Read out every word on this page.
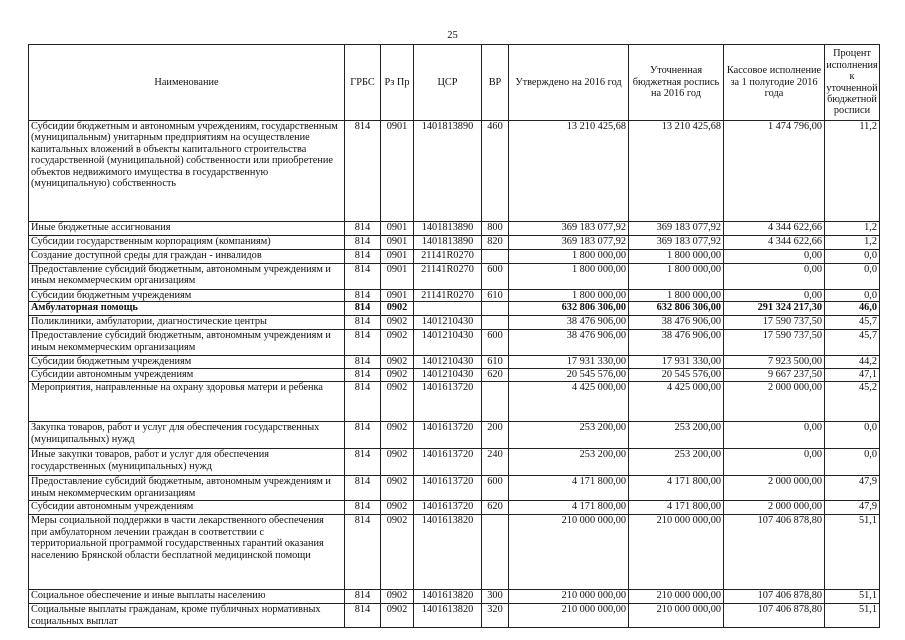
25
Наименование	ГРБС	Рз Пр	ЦСР	ВР	Утверждено на 2016 год	Уточненная бюджетная роспись на 2016 год	Кассовое исполнение за 1 полугодие 2016 года	Процент исполнения к уточненной бюджетной росписи
Субсидии бюджетным и автономным учреждениям, государственным (муниципальным) унитарным предприятиям на осуществление капитальных вложений в объекты капитального строительства государственной (муниципальной) собственности или приобретение объектов недвижимого имущества в государственную (муниципальную) собственность	814	0901	1401813890	460	13 210 425,68	13 210 425,68	1 474 796,00	11,2
Иные бюджетные ассигнования	814	0901	1401813890	800	369 183 077,92	369 183 077,92	4 344 622,66	1,2
Субсидии государственным корпорациям (компаниям)	814	0901	1401813890	820	369 183 077,92	369 183 077,92	4 344 622,66	1,2
Создание доступной среды для граждан - инвалидов	814	0901	21141R0270		1 800 000,00	1 800 000,00	0,00	0,0
Предоставление субсидий бюджетным, автономным учреждениям и иным некоммерческим организациям	814	0901	21141R0270	600	1 800 000,00	1 800 000,00	0,00	0,0
Субсидии бюджетным учреждениям	814	0901	21141R0270	610	1 800 000,00	1 800 000,00	0,00	0,0
Амбулаторная помощь	814	0902			632 806 306,00	632 806 306,00	291 324 217,30	46,0
Поликлиники, амбулатории, диагностические центры	814	0902	1401210430		38 476 906,00	38 476 906,00	17 590 737,50	45,7
Предоставление субсидий бюджетным, автономным учреждениям и иным некоммерческим организациям	814	0902	1401210430	600	38 476 906,00	38 476 906,00	17 590 737,50	45,7
Субсидии бюджетным учреждениям	814	0902	1401210430	610	17 931 330,00	17 931 330,00	7 923 500,00	44,2
Субсидии автономным учреждениям	814	0902	1401210430	620	20 545 576,00	20 545 576,00	9 667 237,50	47,1
Мероприятия, направленные на охрану здоровья матери и ребенка	814	0902	1401613720		4 425 000,00	4 425 000,00	2 000 000,00	45,2
Закупка товаров, работ и услуг для обеспечения государственных (муниципальных) нужд	814	0902	1401613720	200	253 200,00	253 200,00	0,00	0,0
Иные закупки товаров, работ и услуг для обеспечения государственных (муниципальных) нужд	814	0902	1401613720	240	253 200,00	253 200,00	0,00	0,0
Предоставление субсидий бюджетным, автономным учреждениям и иным некоммерческим организациям	814	0902	1401613720	600	4 171 800,00	4 171 800,00	2 000 000,00	47,9
Субсидии автономным учреждениям	814	0902	1401613720	620	4 171 800,00	4 171 800,00	2 000 000,00	47,9
Меры социальной поддержки в части лекарственного обеспечения при амбулаторном лечении граждан в соответствии с территориальной программой государственных гарантий оказания населению Брянской области бесплатной медицинской помощи	814	0902	1401613820		210 000 000,00	210 000 000,00	107 406 878,80	51,1
Социальное обеспечение и иные выплаты населению	814	0902	1401613820	300	210 000 000,00	210 000 000,00	107 406 878,80	51,1
Социальные выплаты гражданам, кроме публичных нормативных социальных выплат	814	0902	1401613820	320	210 000 000,00	210 000 000,00	107 406 878,80	51,1
